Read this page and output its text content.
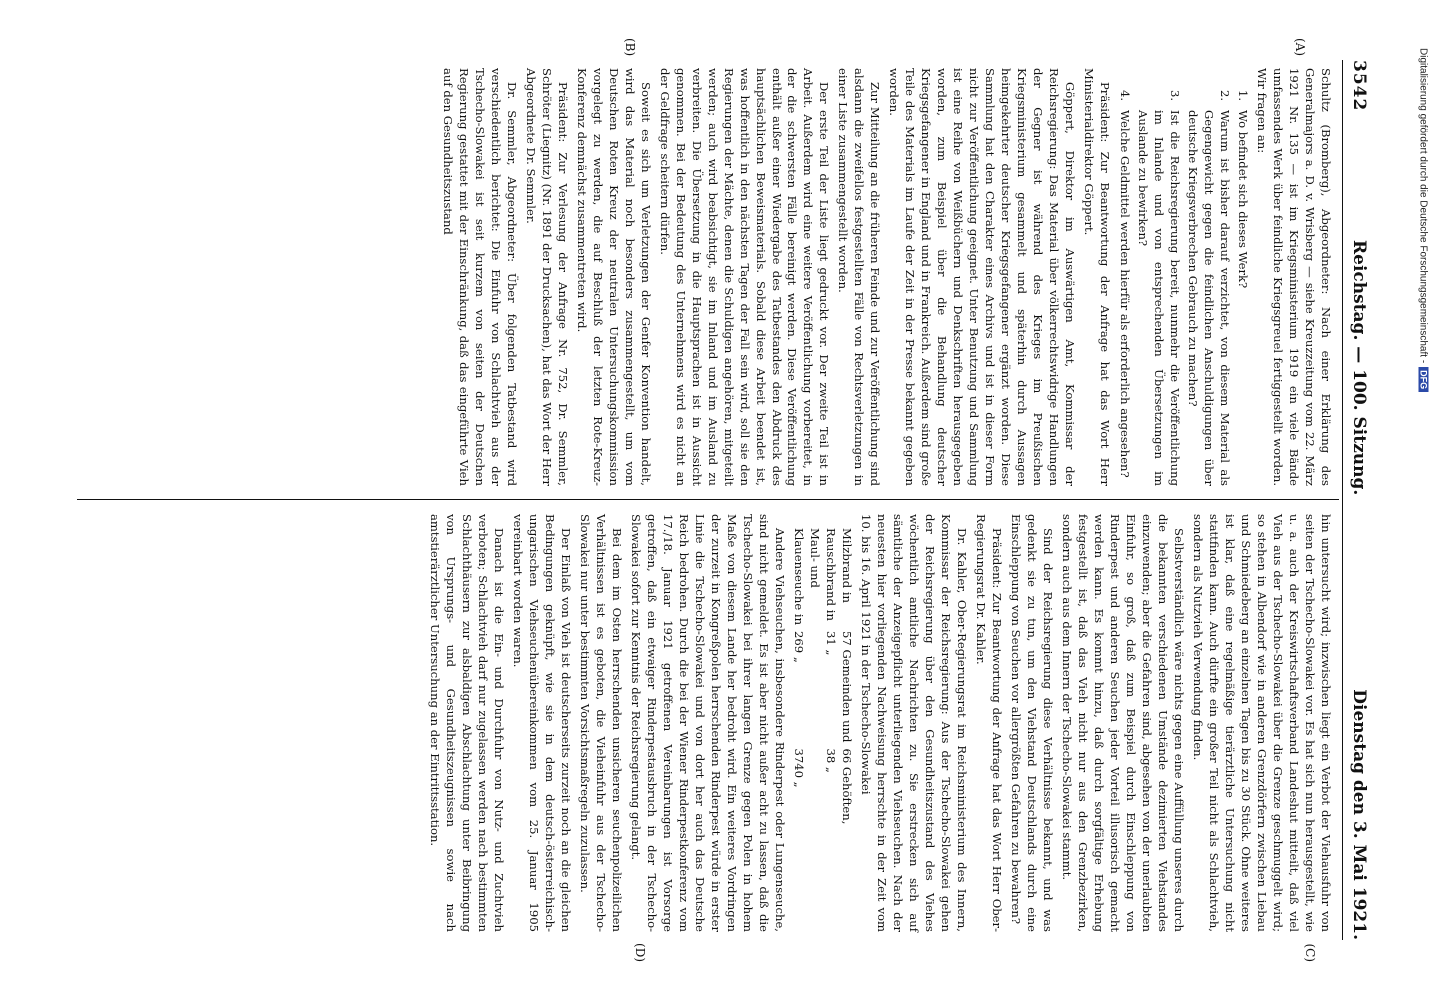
3542
Reichstag. — 100. Sitzung.
Dienstag den 3. Mai 1921.
(A)
(B)
(C)
(D)

Schultz (Bromberg), Abgeordneter: Nach einer Erklärung des Generalmajors a. D. v. Wrisberg — siehe Kreuzzeitung vom 22. März 1921 Nr. 135 — ist im Kriegsministerium 1919 ein viele Bände umfassendes Werk über feindliche Kriegsgreuel fertiggestellt worden. Wir fragen an:

1.
Wo befindet sich dieses Werk?
2.
Warum ist bisher darauf verzichtet, von diesem Material als Gegengewicht gegen die feindlichen Anschuldigungen über deutsche Kriegsverbrechen Gebrauch zu machen?
3.
Ist die Reichsregierung bereit, nunmehr die Veröffentlichung im Inlande und von entsprechenden Übersetzungen im Auslande zu bewirken?
4.
Welche Geldmittel werden hierfür als erforderlich angesehen?

Präsident: Zur Beantwortung der Anfrage hat das Wort Herr Ministerialdirektor Göppert.

Göppert, Direktor im Auswärtigen Amt, Kommissar der Reichsregierung: Das Material über völkerrechtswidrige Handlungen der Gegner ist während des Krieges im Preußischen Kriegsministerium gesammelt und späterhin durch Aussagen heimgekehrter deutscher Kriegsgefangener ergänzt worden. Diese Sammlung hat den Charakter eines Archivs und ist in dieser Form nicht zur Veröffentlichung geeignet. Unter Benutzung und Sammlung ist eine Reihe von Weißbüchern und Denkschriften herausgegeben worden, zum Beispiel über die Behandlung deutscher Kriegsgefangener in England und in Frankreich. Außerdem sind große Teile des Materials im Laufe der Zeit in der Presse bekannt gegeben worden.

Zur Mitteilung an die früheren Feinde und zur Veröffentlichung sind alsdann die zweifellos festgestellten Fälle von Rechtsverletzungen in einer Liste zusammengestellt worden.

Der erste Teil der Liste liegt gedruckt vor. Der zweite Teil ist in Arbeit. Außerdem wird eine weitere Veröffentlichung vorbereitet, in der die schwersten Fälle bereinigt werden. Diese Veröffentlichung enthält außer einer Wiedergabe des Tatbestandes den Abdruck des hauptsächlichen Beweismaterials. Sobald diese Arbeit beendet ist, was hoffentlich in den nächsten Tagen der Fall sein wird, soll sie den Regierungen der Mächte, denen die Schuldigen angehören, mitgeteilt werden; auch wird beabsichtigt, sie im Inland und im Ausland zu verbreiten. Die Übersetzung in die Hauptsprachen ist in Aussicht genommen. Bei der Bedeutung des Unternehmens wird es nicht an der Geldfrage scheitern dürfen.

Soweit es sich um Verletzungen der Genfer Konvention handelt, wird das Material noch besonders zusammengestellt, um vom Deutschen Roten Kreuz der neutralen Untersuchungskommission vorgelegt zu werden, die auf Beschluß der letzten Rote-Kreuz-Konferenz demnächst zusammentreten wird.

Präsident: Zur Verlesung der Anfrage Nr. 752, Dr. Semmler, Schröter (Liegnitz) (Nr. 1891 der Drucksachen), hat das Wort der Herr Abgeordnete Dr. Semmler.

Dr. Semmler, Abgeordneter: Über folgenden Tatbestand wird verschiedentlich berichtet: Die Einfuhr von Schlachtvieh aus der Tschecho-Slowakei ist seit kurzem von seiten der Deutschen Regierung gestattet mit der Einschränkung, daß das eingeführte Vieh auf den Gesundheitszustand

hin untersucht wird; inzwischen liegt ein Verbot der Viehausfuhr von seiten der Tschecho-Slowakei vor. Es hat sich nun herausgestellt, wie u. a. auch der Kreiswirtschaftsverband Landeshut mitteilt, daß viel Vieh aus der Tschecho-Slowakei über die Grenze geschmuggelt wird; so stehen in Albendorf wie in anderen Grenzdörfern zwischen Liebau und Schmiedeberg an einzelnen Tagen bis zu 30 Stück. Ohne weiteres ist klar, daß eine regelmäßige tierärztliche Untersuchung nicht stattfinden kann. Auch dürfte ein großer Teil nicht als Schlachtvieh, sondern als Nutzvieh Verwendung finden.

Selbstverständlich wäre nichts gegen eine Auffüllung unseres durch die bekannten verschiedenen Umstände dezimierten Viehstandes einzuwenden; aber die Gefahren sind, abgesehen von der unerlaubten Einfuhr, so groß, daß zum Beispiel durch Einschleppung von Rinderpest und anderen Seuchen jeder Vorteil illusorisch gemacht werden kann. Es kommt hinzu, daß durch sorgfältige Erhebung festgestellt ist, daß das Vieh nicht nur aus den Grenzbezirken, sondern auch aus dem Innern der Tschecho-Slowakei stammt.

Sind der Reichsregierung diese Verhältnisse bekannt, und was gedenkt sie zu tun, um den Viehstand Deutschlands durch eine Einschleppung von Seuchen vor allergrößten Gefahren zu bewahren?

Präsident: Zur Beantwortung der Anfrage hat das Wort Herr Ober-Regierungsrat Dr. Kahler.

Dr. Kahler, Ober-Regierungsrat im Reichsministerium des Innern, Kommissar der Reichsregierung: Aus der Tschecho-Slowakei gehen der Reichsregierung über den Gesundheitszustand des Viehes wöchentlich amtliche Nachrichten zu. Sie erstrecken sich auf sämtliche der Anzeigepflicht unterliegenden Viehseuchen. Nach der neuesten hier vorliegenden Nachweisung herrschte in der Zeit vom 10. bis 16. April 1921 in der Tschecho-Slowakei

Milzbrand in	57 Gemeinden und	66 Gehöften,
Rauschbrand in	31 „	38 „
Maul- und		
Klauenseuche in	269 „	3740 „

Andere Viehseuchen, insbesondere Rinderpest oder Lungenseuche, sind nicht gemeldet. Es ist aber nicht außer acht zu lassen, daß die Tschecho-Slowakei bei ihrer langen Grenze gegen Polen in hohem Maße von diesem Lande her bedroht wird. Ein weiteres Vordringen der zurzeit in Kongreßpolen herrschenden Rinderpest würde in erster Linie die Tschecho-Slowakei und von dort her auch das Deutsche Reich bedrohen. Durch die bei der Wiener Rinderpestkonferenz vom 17./18. Januar 1921 getroffenen Vereinbarungen ist Vorsorge getroffen, daß ein etwaiger Rinderpestausbruch in der Tschecho-Slowakei sofort zur Kenntnis der Reichsregierung gelangt.

Bei dem im Osten herrschenden unsicheren seuchenpolizeilichen Verhältnissen ist es geboten, die Vieheinfuhr aus der Tschecho-Slowakei nur unter bestimmten Vorsichtsmaßregeln zuzulassen.

Der Einlaß von Vieh ist deutscherseits zurzeit noch an die gleichen Bedingungen geknüpft, wie sie in dem deutsch-österreichisch-ungarischen Viehseuchenübereinkommen vom 25. Januar 1905 vereinbart worden waren.

Danach ist die Ein- und Durchfuhr von Nutz- und Zuchtvieh verboten; Schlachtvieh darf nur zugelassen werden nach bestimmten Schlachthäusern zur alsbaldigen Abschlachtung unter Beibringung von Ursprungs- und Gesundheitszeugnissen sowie nach amtstierärztlicher Untersuchung an der Eintrittsstation.

Digitalisierung gefördert durch die Deutsche Forschungsgemeinschaft -DFG
